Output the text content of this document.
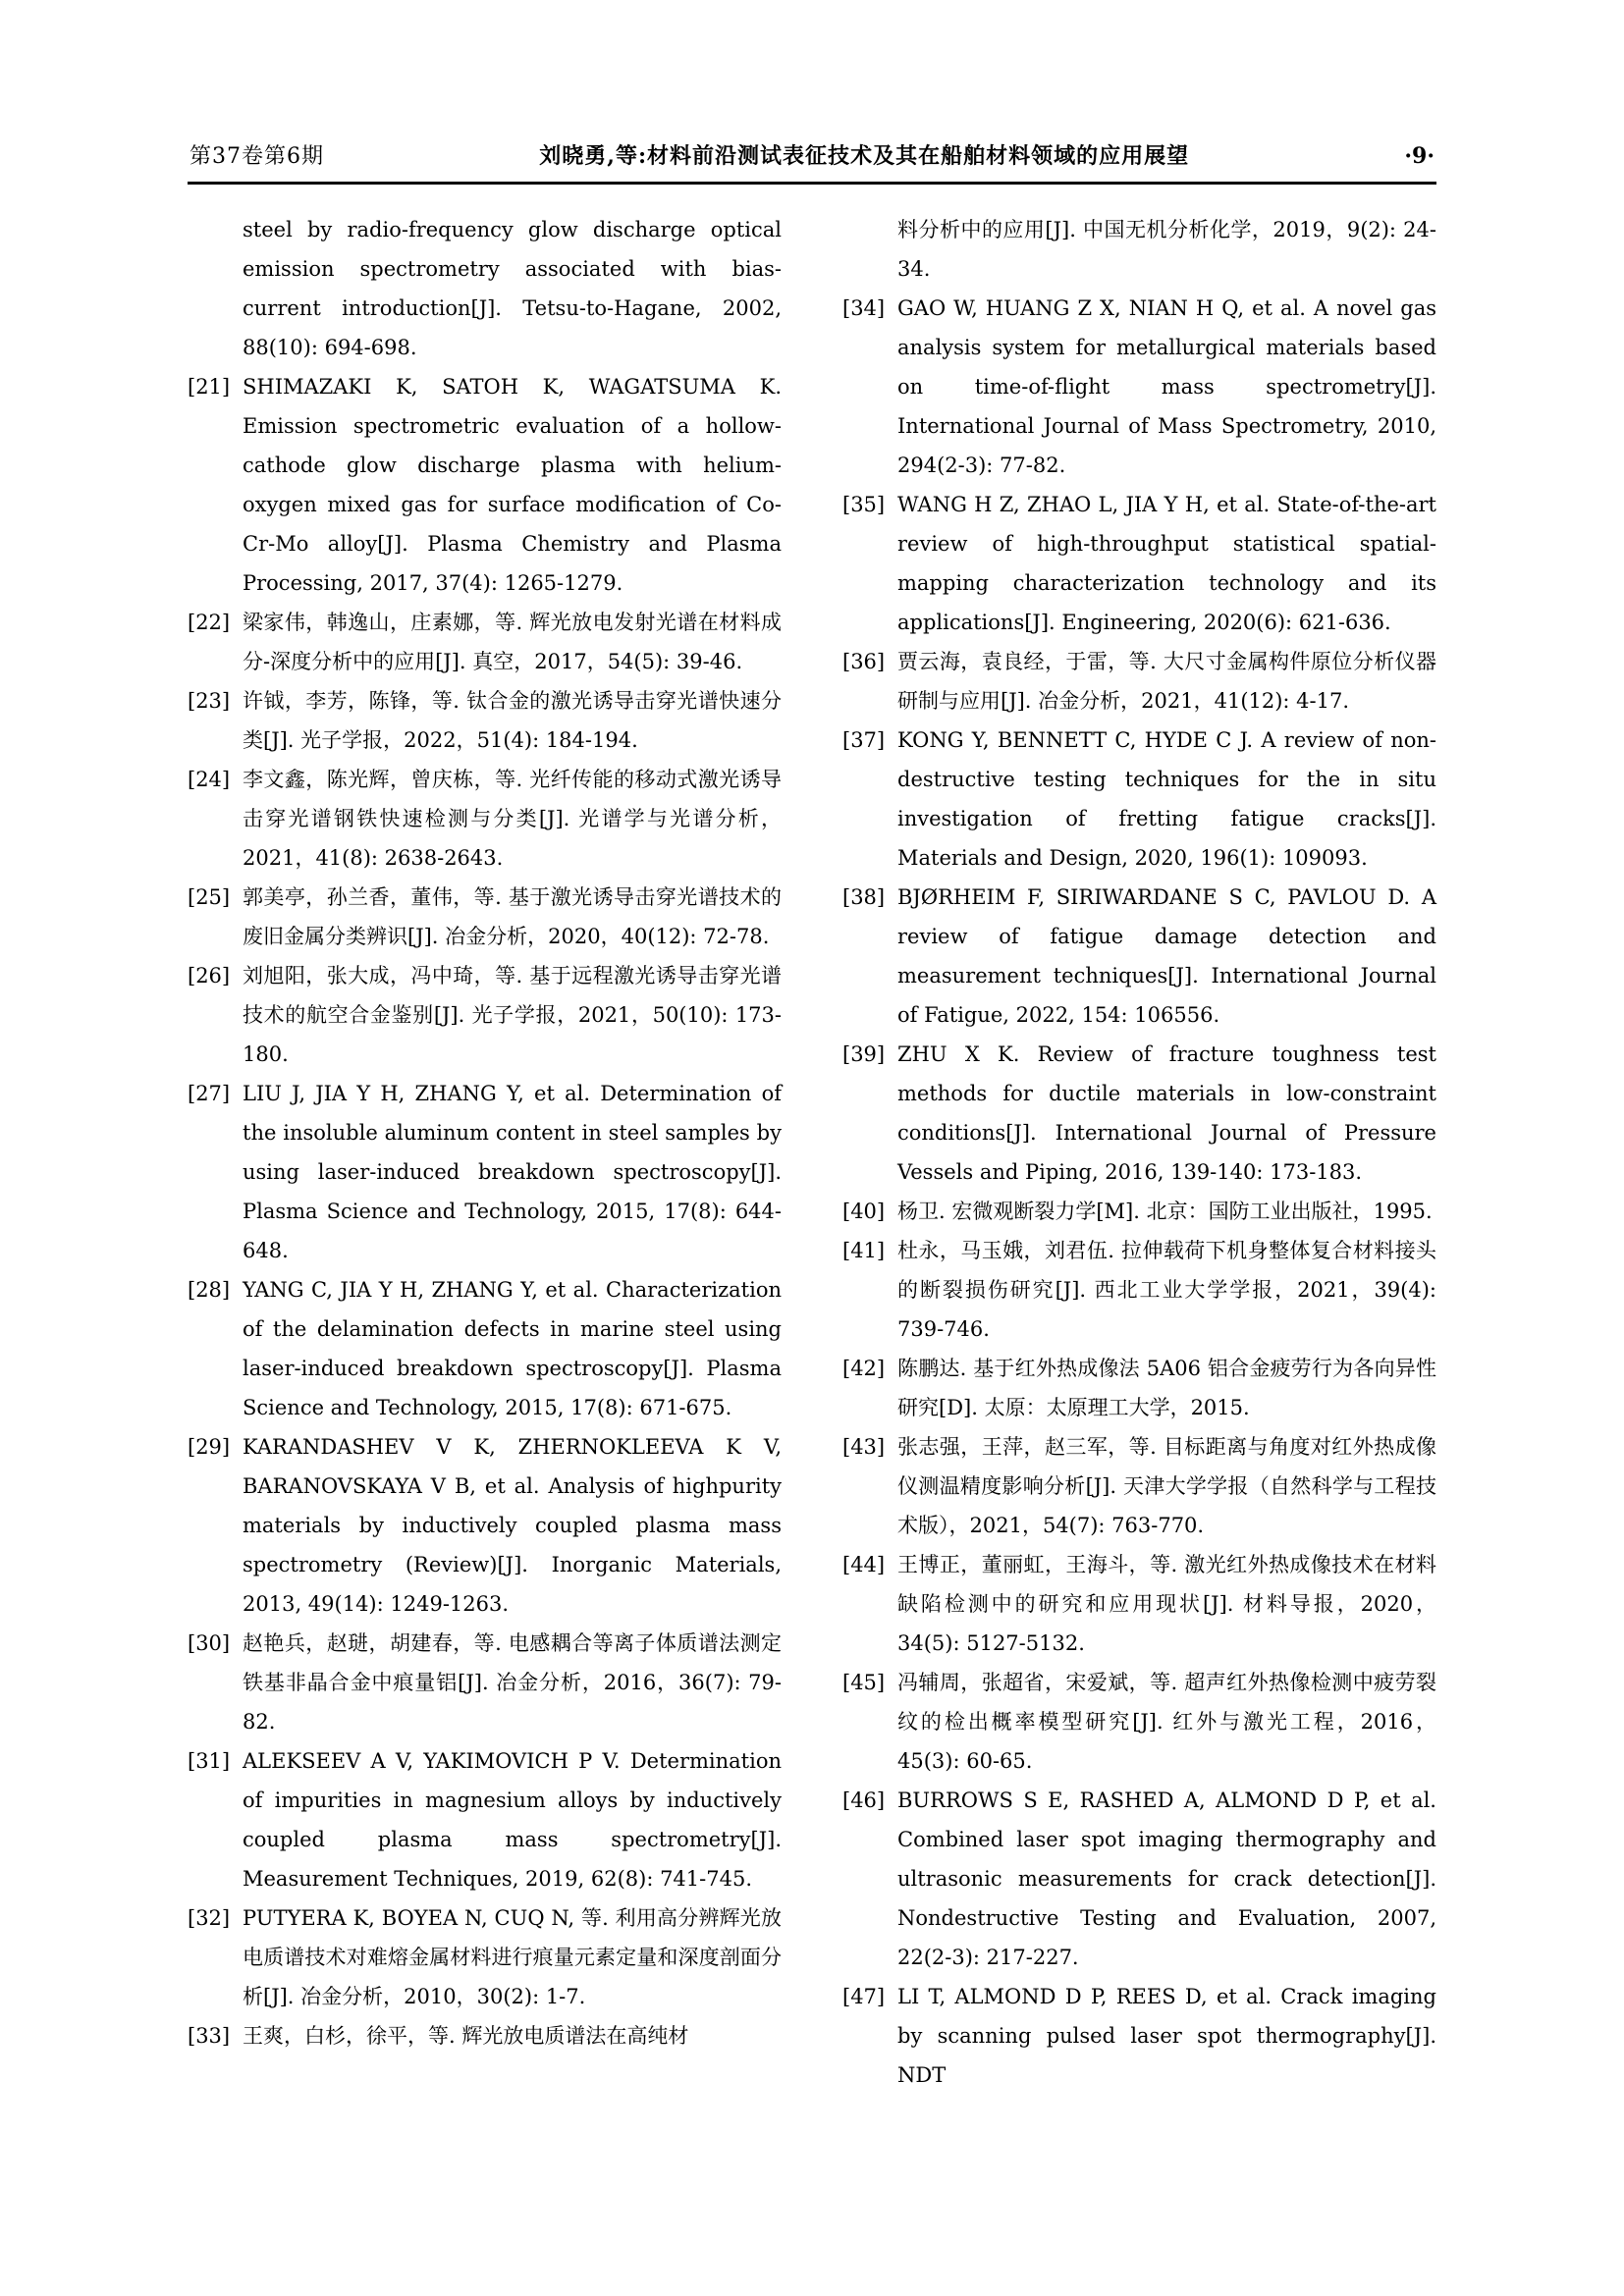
第37卷第6期	刘晓勇,等:材料前沿测试表征技术及其在船舶材料领域的应用展望	·9·
steel by radio-frequency glow discharge optical emission spectrometry associated with bias-current introduction[J]. Tetsu-to-Hagane, 2002, 88(10): 694-698.
[21] SHIMAZAKI K, SATOH K, WAGATSUMA K. Emission spectrometric evaluation of a hollow-cathode glow discharge plasma with helium-oxygen mixed gas for surface modification of Co-Cr-Mo alloy[J]. Plasma Chemistry and Plasma Processing, 2017, 37(4): 1265-1279.
[22] 梁家伟，韩逸山，庄素娜，等. 辉光放电发射光谱在材料成分-深度分析中的应用[J]. 真空，2017，54(5): 39-46.
[23] 许钺，李芳，陈锋，等. 钛合金的激光诱导击穿光谱快速分类[J]. 光子学报，2022，51(4): 184-194.
[24] 李文鑫，陈光辉，曾庆栋，等. 光纤传能的移动式激光诱导击穿光谱钢铁快速检测与分类[J]. 光谱学与光谱分析，2021，41(8): 2638-2643.
[25] 郭美亭，孙兰香，董伟，等. 基于激光诱导击穿光谱技术的废旧金属分类辨识[J]. 冶金分析，2020，40(12): 72-78.
[26] 刘旭阳，张大成，冯中琦，等. 基于远程激光诱导击穿光谱技术的航空合金鉴别[J]. 光子学报，2021，50(10): 173-180.
[27] LIU J, JIA Y H, ZHANG Y, et al. Determination of the insoluble aluminum content in steel samples by using laser-induced breakdown spectroscopy[J]. Plasma Science and Technology, 2015, 17(8): 644-648.
[28] YANG C, JIA Y H, ZHANG Y, et al. Characterization of the delamination defects in marine steel using laser-induced breakdown spectroscopy[J]. Plasma Science and Technology, 2015, 17(8): 671-675.
[29] KARANDASHEV V K, ZHERNOKLEEVA K V, BARANOVSKAYA V B, et al. Analysis of highpurity materials by inductively coupled plasma mass spectrometry (Review)[J]. Inorganic Materials, 2013, 49(14): 1249-1263.
[30] 赵艳兵，赵琎，胡建春，等. 电感耦合等离子体质谱法测定铁基非晶合金中痕量铝[J]. 冶金分析，2016，36(7): 79-82.
[31] ALEKSEEV A V, YAKIMOVICH P V. Determination of impurities in magnesium alloys by inductively coupled plasma mass spectrometry[J]. Measurement Techniques, 2019, 62(8): 741-745.
[32] PUTYERA K, BOYEA N, CUQ N, 等. 利用高分辨辉光放电质谱技术对难熔金属材料进行痕量元素定量和深度剖面分析[J]. 冶金分析，2010，30(2): 1-7.
[33] 王爽，白杉，徐平，等. 辉光放电质谱法在高纯材
料分析中的应用[J]. 中国无机分析化学，2019，9(2): 24-34.
[34] GAO W, HUANG Z X, NIAN H Q, et al. A novel gas analysis system for metallurgical materials based on time-of-flight mass spectrometry[J]. International Journal of Mass Spectrometry, 2010, 294(2-3): 77-82.
[35] WANG H Z, ZHAO L, JIA Y H, et al. State-of-the-art review of high-throughput statistical spatial-mapping characterization technology and its applications[J]. Engineering, 2020(6): 621-636.
[36] 贾云海，袁良经，于雷，等. 大尺寸金属构件原位分析仪器研制与应用[J]. 冶金分析，2021，41(12): 4-17.
[37] KONG Y, BENNETT C, HYDE C J. A review of non-destructive testing techniques for the in situ investigation of fretting fatigue cracks[J]. Materials and Design, 2020, 196(1): 109093.
[38] BJØRHEIM F, SIRIWARDANE S C, PAVLOU D. A review of fatigue damage detection and measurement techniques[J]. International Journal of Fatigue, 2022, 154: 106556.
[39] ZHU X K. Review of fracture toughness test methods for ductile materials in low-constraint conditions[J]. International Journal of Pressure Vessels and Piping, 2016, 139-140: 173-183.
[40] 杨卫. 宏微观断裂力学[M]. 北京：国防工业出版社，1995.
[41] 杜永，马玉娥，刘君伍. 拉伸载荷下机身整体复合材料接头的断裂损伤研究[J]. 西北工业大学学报，2021，39(4): 739-746.
[42] 陈鹏达. 基于红外热成像法 5A06 铝合金疲劳行为各向异性研究[D]. 太原：太原理工大学，2015.
[43] 张志强，王萍，赵三军，等. 目标距离与角度对红外热成像仪测温精度影响分析[J]. 天津大学学报（自然科学与工程技术版），2021，54(7): 763-770.
[44] 王博正，董丽虹，王海斗，等. 激光红外热成像技术在材料缺陷检测中的研究和应用现状[J]. 材料导报，2020，34(5): 5127-5132.
[45] 冯辅周，张超省，宋爱斌，等. 超声红外热像检测中疲劳裂纹的检出概率模型研究[J]. 红外与激光工程，2016，45(3): 60-65.
[46] BURROWS S E, RASHED A, ALMOND D P, et al. Combined laser spot imaging thermography and ultrasonic measurements for crack detection[J]. Nondestructive Testing and Evaluation, 2007, 22(2-3): 217-227.
[47] LI T, ALMOND D P, REES D, et al. Crack imaging by scanning pulsed laser spot thermography[J]. NDT
